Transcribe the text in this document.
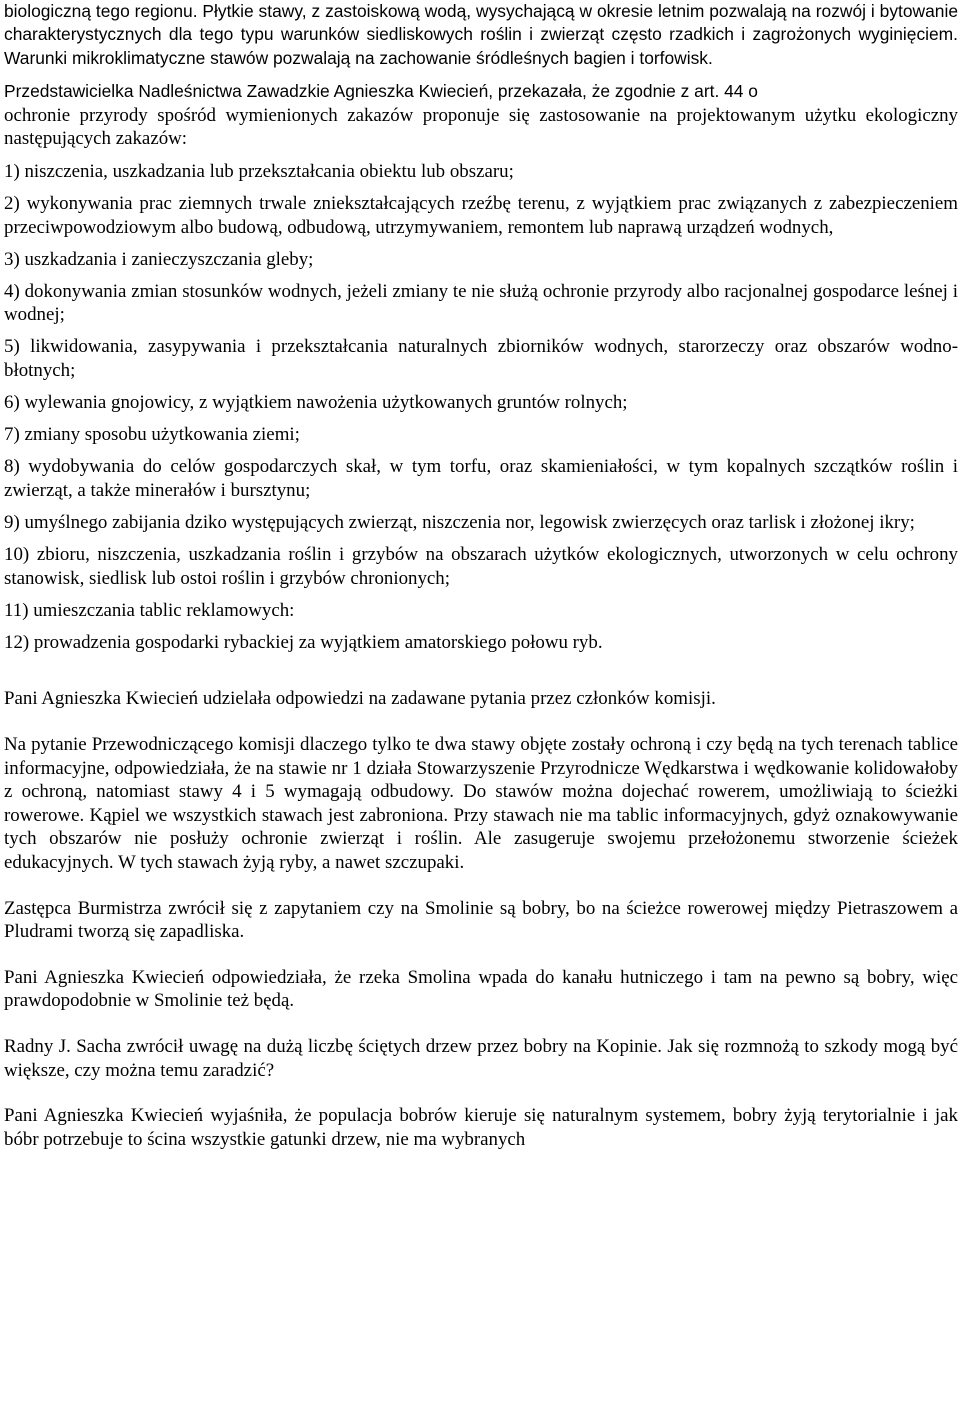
biologiczną tego regionu. Płytkie stawy, z zastoiskową wodą, wysychającą w okresie letnim pozwalają na rozwój i bytowanie charakterystycznych dla tego typu warunków siedliskowych roślin i zwierząt często rzadkich i zagrożonych wyginięciem. Warunki mikroklimatyczne stawów pozwalają na zachowanie śródleśnych bagien i torfowisk.

Przedstawicielka Nadleśnictwa Zawadzkie Agnieszka Kwiecień, przekazała, że zgodnie z art. 44 o

ochronie przyrody spośród wymienionych zakazów proponuje się zastosowanie na projektowanym użytku ekologiczny następujących zakazów:

1) niszczenia, uszkadzania lub przekształcania obiektu lub obszaru;
2) wykonywania prac ziemnych trwale zniekształcających rzeźbę terenu, z wyjątkiem prac związanych z zabezpieczeniem przeciwpowodziowym albo budową, odbudową, utrzymywaniem, remontem lub naprawą urządzeń wodnych,
3) uszkadzania i zanieczyszczania gleby;
4) dokonywania zmian stosunków wodnych, jeżeli zmiany te nie służą ochronie przyrody albo racjonalnej gospodarce leśnej i wodnej;
5) likwidowania, zasypywania i przekształcania naturalnych zbiorników wodnych, starorzeczy oraz obszarów wodno-błotnych;
6) wylewania gnojowicy, z wyjątkiem nawożenia użytkowanych gruntów rolnych;
7) zmiany sposobu użytkowania ziemi;
8) wydobywania do celów gospodarczych skał, w tym torfu, oraz skamieniałości, w tym kopalnych szczątków roślin i zwierząt, a także minerałów i bursztynu;
9) umyślnego zabijania dziko występujących zwierząt, niszczenia nor, legowisk zwierzęcych oraz tarlisk i złożonej ikry;
10) zbioru, niszczenia, uszkadzania roślin i grzybów na obszarach użytków ekologicznych, utworzonych w celu ochrony stanowisk, siedlisk lub ostoi roślin i grzybów chronionych;
11) umieszczania tablic reklamowych:
12) prowadzenia gospodarki rybackiej za wyjątkiem amatorskiego połowu ryb.

Pani Agnieszka Kwiecień udzielała odpowiedzi na zadawane pytania przez członków komisji.

Na pytanie Przewodniczącego komisji dlaczego tylko te dwa stawy objęte zostały ochroną i czy będą na tych terenach tablice informacyjne, odpowiedziała, że na stawie nr 1 działa Stowarzyszenie Przyrodnicze Wędkarstwa i wędkowanie kolidowałoby z ochroną, natomiast stawy 4 i 5 wymagają odbudowy. Do stawów można dojechać rowerem, umożliwiają to ścieżki rowerowe. Kąpiel we wszystkich stawach jest zabroniona. Przy stawach nie ma tablic informacyjnych, gdyż oznakowywanie tych obszarów nie posłuży ochronie zwierząt i roślin. Ale zasugeruje swojemu przełożonemu stworzenie ścieżek edukacyjnych. W tych stawach żyją ryby, a nawet szczupaki.

Zastępca Burmistrza zwrócił się z zapytaniem czy na Smolinie są bobry, bo na ścieżce rowerowej między Pietraszowem a Pludrami tworzą się zapadliska.

Pani Agnieszka Kwiecień odpowiedziała, że rzeka Smolina wpada do kanału hutniczego i tam na pewno są bobry, więc prawdopodobnie w Smolinie też będą.

Radny J. Sacha zwrócił uwagę na dużą liczbę ściętych drzew przez bobry na Kopinie. Jak się rozmnożą to szkody mogą być większe, czy można temu zaradzić?

Pani Agnieszka Kwiecień wyjaśniła, że populacja bobrów kieruje się naturalnym systemem, bobry żyją terytorialnie i jak bóbr potrzebuje to ścina wszystkie gatunki drzew, nie ma wybranych
